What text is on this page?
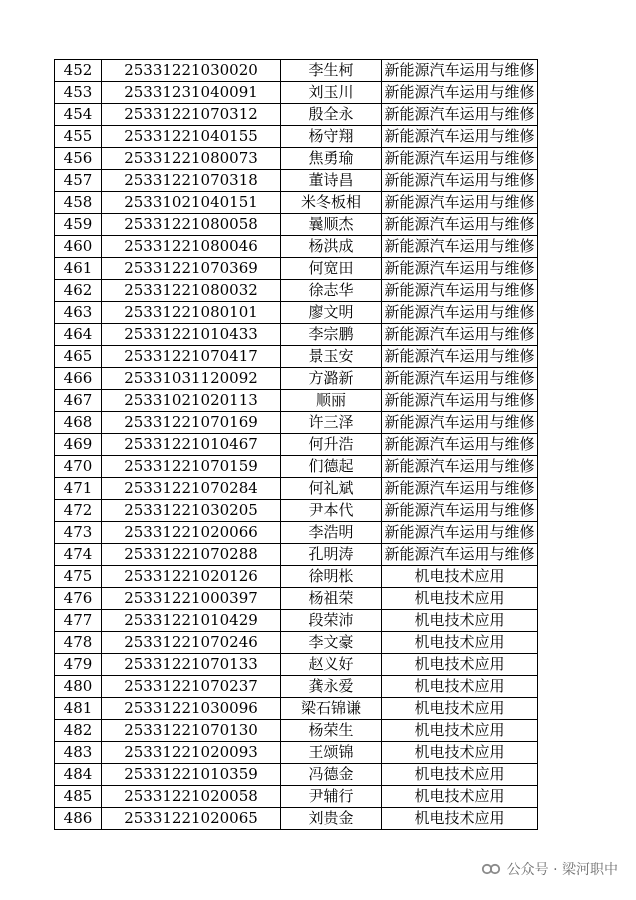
452	25331221030020	李生柯	新能源汽车运用与维修
453	25331231040091	刘玉川	新能源汽车运用与维修
454	25331221070312	殷全永	新能源汽车运用与维修
455	25331221040155	杨守翔	新能源汽车运用与维修
456	25331221080073	焦勇瑜	新能源汽车运用与维修
457	25331221070318	董诗昌	新能源汽车运用与维修
458	25331021040151	米冬板相	新能源汽车运用与维修
459	25331221080058	曩顺杰	新能源汽车运用与维修
460	25331221080046	杨洪成	新能源汽车运用与维修
461	25331221070369	何宽田	新能源汽车运用与维修
462	25331221080032	徐志华	新能源汽车运用与维修
463	25331221080101	廖文明	新能源汽车运用与维修
464	25331221010433	李宗鹏	新能源汽车运用与维修
465	25331221070417	景玉安	新能源汽车运用与维修
466	25331031120092	方潞新	新能源汽车运用与维修
467	25331021020113	顺丽	新能源汽车运用与维修
468	25331221070169	许三泽	新能源汽车运用与维修
469	25331221010467	何升浩	新能源汽车运用与维修
470	25331221070159	们德起	新能源汽车运用与维修
471	25331221070284	何礼斌	新能源汽车运用与维修
472	25331221030205	尹本代	新能源汽车运用与维修
473	25331221020066	李浩明	新能源汽车运用与维修
474	25331221070288	孔明涛	新能源汽车运用与维修
475	25331221020126	徐明枨	机电技术应用
476	25331221000397	杨祖荣	机电技术应用
477	25331221010429	段荣沛	机电技术应用
478	25331221070246	李文豪	机电技术应用
479	25331221070133	赵义好	机电技术应用
480	25331221070237	龚永爱	机电技术应用
481	25331221030096	梁石锦谦	机电技术应用
482	25331221070130	杨荣生	机电技术应用
483	25331221020093	王颂锦	机电技术应用
484	25331221010359	冯德金	机电技术应用
485	25331221020058	尹辅行	机电技术应用
486	25331221020065	刘贵金	机电技术应用
公众号 · 梁河职中
